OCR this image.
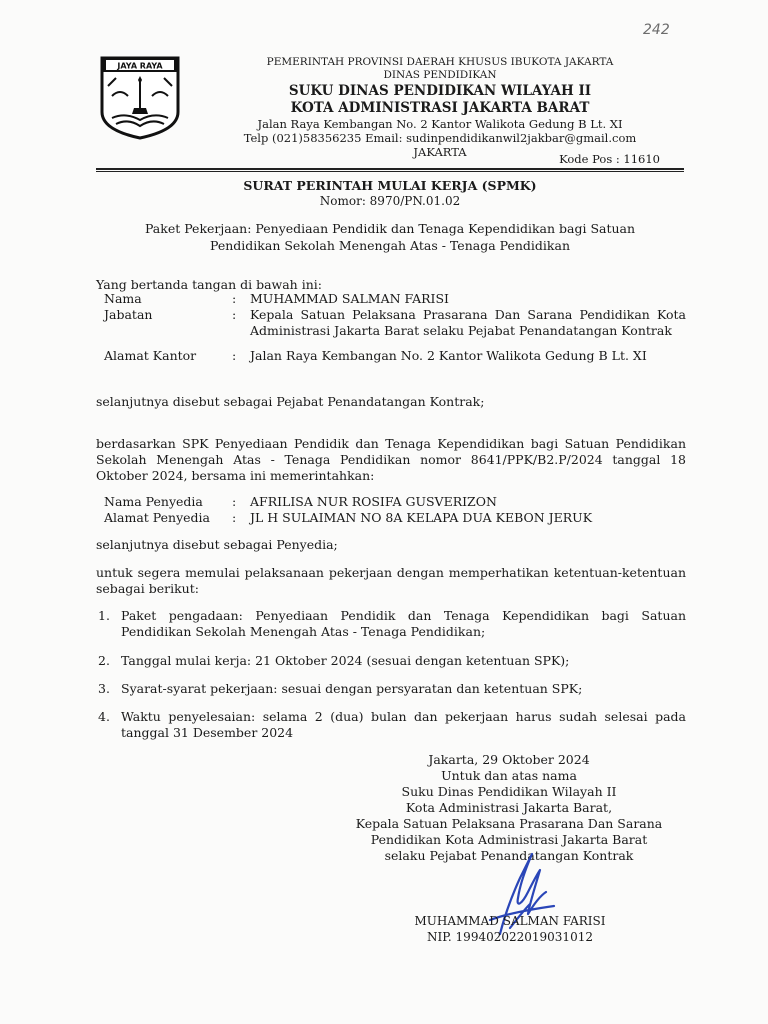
242
JAYA RAYA	PEMERINTAH PROVINSI DAERAH KHUSUS IBUKOTA JAKARTA
DINAS PENDIDIKAN
SUKU DINAS PENDIDIKAN WILAYAH II
KOTA ADMINISTRASI JAKARTA BARAT
Jalan Raya Kembangan No. 2 Kantor Walikota Gedung B Lt. XI
Telp (021)58356235 Email: sudinpendidikanwil2jakbar@gmail.com
JAKARTA	Kode Pos : 11610
SURAT PERINTAH MULAI KERJA (SPMK)
Nomor: 8970/PN.01.02
Paket Pekerjaan: Penyediaan Pendidik dan Tenaga Kependidikan bagi Satuan
Pendidikan Sekolah Menengah Atas - Tenaga Pendidikan
Yang bertanda tangan di bawah ini:
Nama	: MUHAMMAD SALMAN FARISI
Jabatan	: Kepala Satuan Pelaksana Prasarana Dan Sarana Pendidikan Kota Administrasi Jakarta Barat selaku Pejabat Penandatangan Kontrak
Alamat Kantor	: Jalan Raya Kembangan No. 2 Kantor Walikota Gedung B Lt. XI
selanjutnya disebut sebagai Pejabat Penandatangan Kontrak;
berdasarkan SPK Penyediaan Pendidik dan Tenaga Kependidikan bagi Satuan Pendidikan Sekolah Menengah Atas - Tenaga Pendidikan nomor 8641/PPK/B2.P/2024 tanggal 18 Oktober 2024, bersama ini memerintahkan:
Nama Penyedia : AFRILISA NUR ROSIFA GUSVERIZON
Alamat Penyedia : JL H SULAIMAN NO 8A KELAPA DUA KEBON JERUK
selanjutnya disebut sebagai Penyedia;
untuk segera memulai pelaksanaan pekerjaan dengan memperhatikan ketentuan-ketentuan sebagai berikut:
1. Paket pengadaan: Penyediaan Pendidik dan Tenaga Kependidikan bagi Satuan Pendidikan Sekolah Menengah Atas - Tenaga Pendidikan;
2. Tanggal mulai kerja: 21 Oktober 2024 (sesuai dengan ketentuan SPK);
3. Syarat-syarat pekerjaan: sesuai dengan persyaratan dan ketentuan SPK;
4. Waktu penyelesaian: selama 2 (dua) bulan dan pekerjaan harus sudah selesai pada tanggal 31 Desember 2024
Jakarta, 29 Oktober 2024
Untuk dan atas nama
Suku Dinas Pendidikan Wilayah II
Kota Administrasi Jakarta Barat,
Kepala Satuan Pelaksana Prasarana Dan Sarana
Pendidikan Kota Administrasi Jakarta Barat
selaku Pejabat Penandatangan Kontrak
MUHAMMAD SALMAN FARISI
NIP. 199402022019031012
